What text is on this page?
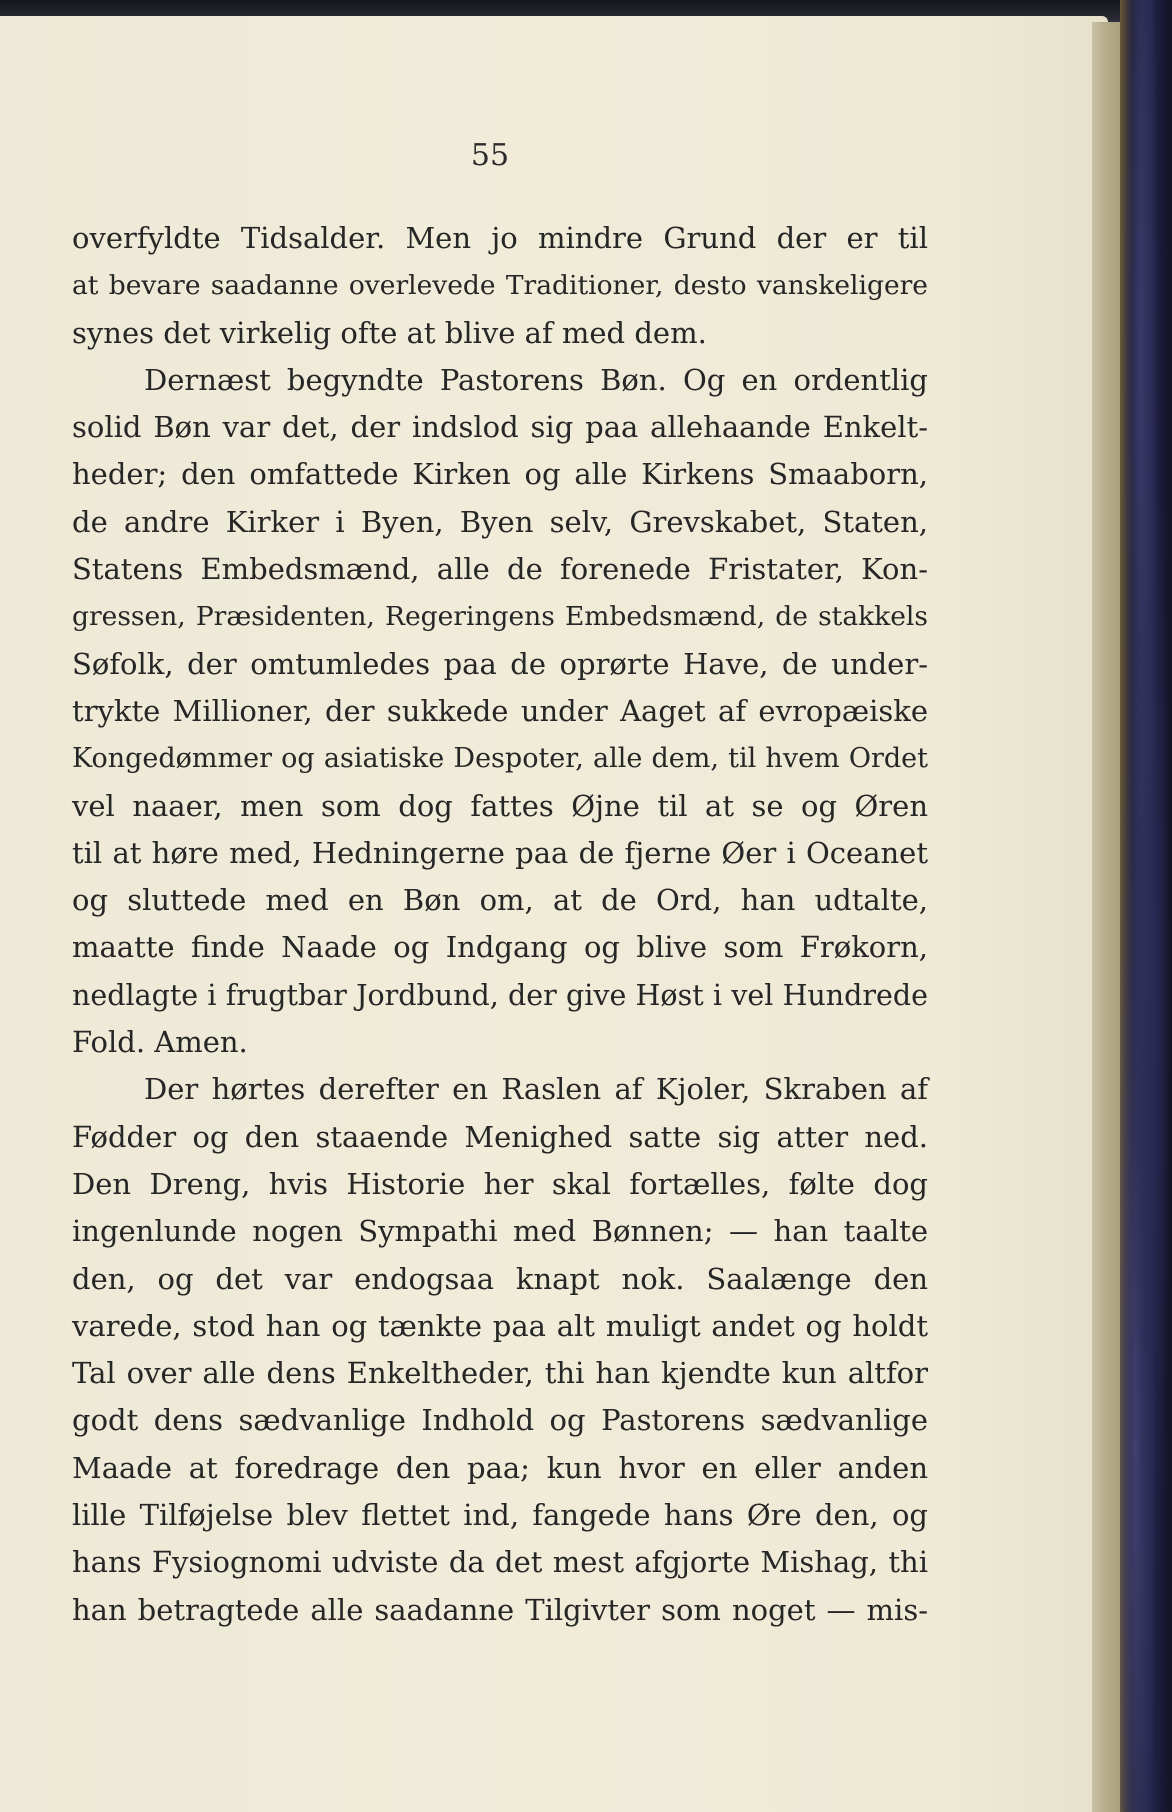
55

overfyldte Tidsalder. Men jo mindre Grund der er til
at bevare saadanne overlevede Traditioner, desto vanskeligere
synes det virkelig ofte at blive af med dem.
Dernæst begyndte Pastorens Bøn. Og en ordentlig
solid Bøn var det, der indslod sig paa allehaande Enkelt-
heder; den omfattede Kirken og alle Kirkens Smaaborn,
de andre Kirker i Byen, Byen selv, Grevskabet, Staten,
Statens Embedsmænd, alle de forenede Fristater, Kon-
gressen, Præsidenten, Regeringens Embedsmænd, de stakkels
Søfolk, der omtumledes paa de oprørte Have, de under-
trykte Millioner, der sukkede under Aaget af evropæiske
Kongedømmer og asiatiske Despoter, alle dem, til hvem Ordet
vel naaer, men som dog fattes Øjne til at se og Øren
til at høre med, Hedningerne paa de fjerne Øer i Oceanet
og sluttede med en Bøn om, at de Ord, han udtalte,
maatte finde Naade og Indgang og blive som Frøkorn,
nedlagte i frugtbar Jordbund, der give Høst i vel Hundrede
Fold. Amen.
Der hørtes derefter en Raslen af Kjoler, Skraben af
Fødder og den staaende Menighed satte sig atter ned.
Den Dreng, hvis Historie her skal fortælles, følte dog
ingenlunde nogen Sympathi med Bønnen; — han taalte
den, og det var endogsaa knapt nok. Saalænge den
varede, stod han og tænkte paa alt muligt andet og holdt
Tal over alle dens Enkeltheder, thi han kjendte kun altfor
godt dens sædvanlige Indhold og Pastorens sædvanlige
Maade at foredrage den paa; kun hvor en eller anden
lille Tilføjelse blev flettet ind, fangede hans Øre den, og
hans Fysiognomi udviste da det mest afgjorte Mishag, thi
han betragtede alle saadanne Tilgivter som noget — mis-
